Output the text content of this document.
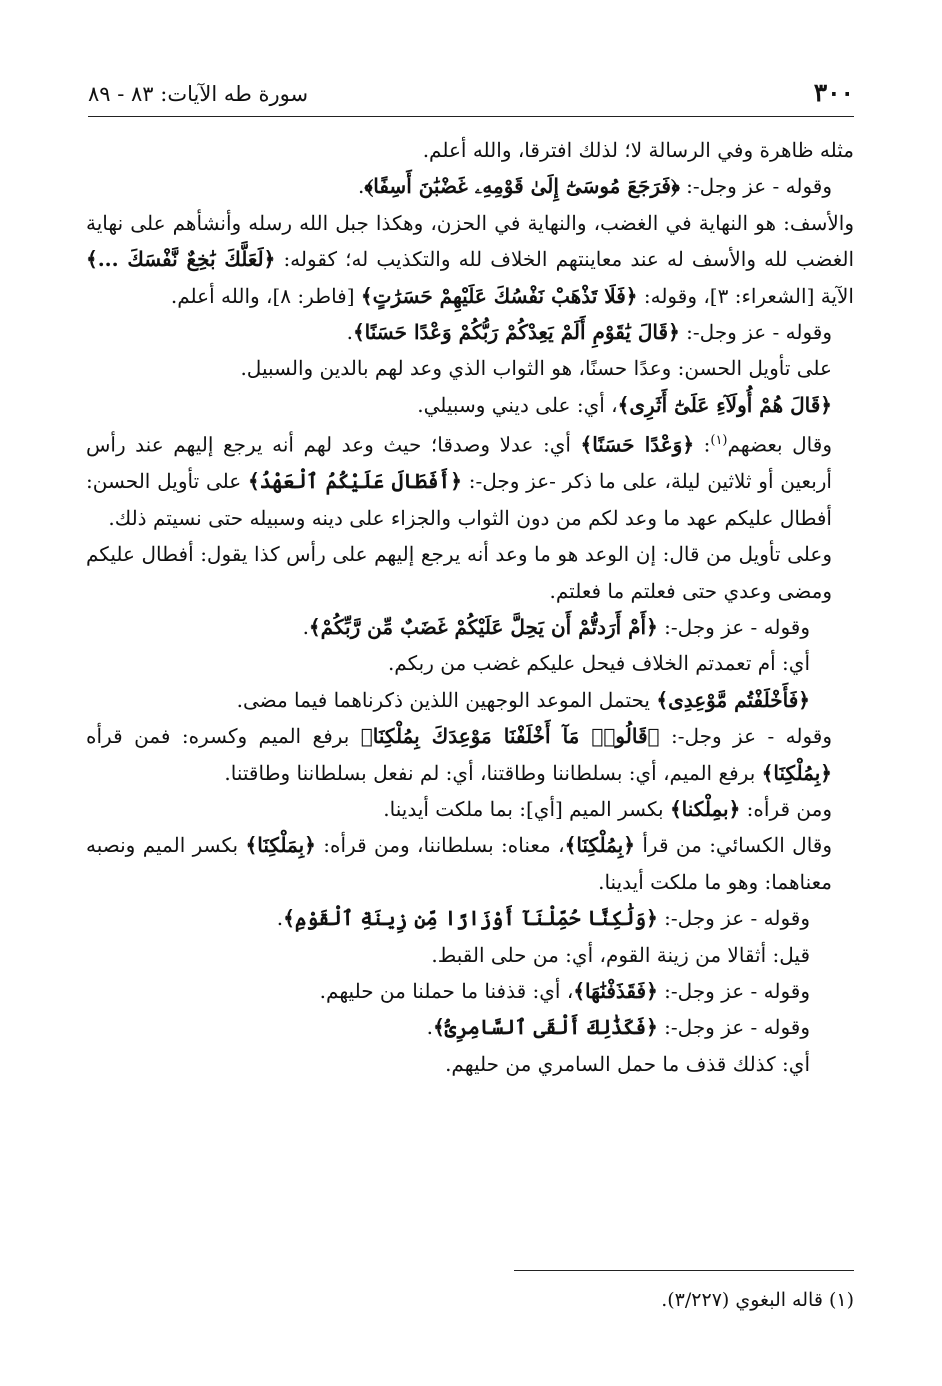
٣٠٠
سورة طه الآيات: ٨٣ - ٨٩

مثله ظاهرة وفي الرسالة لا؛ لذلك افترقا، والله أعلم.

وقوله - عز وجل-: ﴿فَرَجَعَ مُوسَىٰٓ إِلَىٰ قَوْمِهِۦ غَضْبَٰنَ أَسِفًا﴾.

والأسف: هو النهاية في الغضب، والنهاية في الحزن، وهكذا جبل الله رسله وأنشأهم على نهاية الغضب لله والأسف له عند معاينتهم الخلاف لله والتكذيب له؛ كقوله: ﴿لَعَلَّكَ بَٰخِعٌ نَّفْسَكَ ...﴾ الآية [الشعراء: ٣]، وقوله: ﴿فَلَا تَذْهَبْ نَفْسُكَ عَلَيْهِمْ حَسَرَٰتٍ﴾ [فاطر: ٨]، والله أعلم.

وقوله - عز وجل-: ﴿قَالَ يَٰقَوْمِ أَلَمْ يَعِدْكُمْ رَبُّكُمْ وَعْدًا حَسَنًا﴾.

على تأويل الحسن: وعدًا حسنًا، هو الثواب الذي وعد لهم بالدين والسبيل.

﴿قَالَ هُمْ أُولَآءِ عَلَىٰٓ أَثَرِى﴾، أي: على ديني وسبيلي.

وقال بعضهم$^{(١)}$: ﴿وَعْدًا حَسَنًا﴾ أي: عدلا وصدقا؛ حيث وعد لهم أنه يرجع إليهم عند رأس أربعين أو ثلاثين ليلة، على ما ذكر -عز وجل-: ﴿أَفَطَالَ عَلَيْكُمُ ٱلْعَهْدُ﴾ على تأويل الحسن: أفطال عليكم عهد ما وعد لكم من دون الثواب والجزاء على دينه وسبيله حتى نسيتم ذلك.

وعلى تأويل من قال: إن الوعد هو ما وعد أنه يرجع إليهم على رأس كذا يقول: أفطال عليكم ومضى وعدي حتى فعلتم ما فعلتم.

وقوله - عز وجل-: ﴿أَمْ أَرَدتُّمْ أَن يَحِلَّ عَلَيْكُمْ غَضَبٌ مِّن رَّبِّكُمْ﴾.

أي: أم تعمدتم الخلاف فيحل عليكم غضب من ربكم.

﴿فَأَخْلَفْتُم مَّوْعِدِى﴾ يحتمل الموعد الوجهين اللذين ذكرناهما فيما مضى.

وقوله - عز وجل-: ﴿قَالُوا۟ مَآ أَخْلَفْنَا مَوْعِدَكَ بِمُلْكِنَا﴾ برفع الميم وكسره: فمن قرأه ﴿بِمُلْكِنَا﴾ برفع الميم، أي: بسلطاننا وطاقتنا، أي: لم نفعل بسلطاننا وطاقتنا.

ومن قرأه: ﴿بمِلْكنا﴾ بكسر الميم [أي]: بما ملكت أيدينا.

وقال الكسائي: من قرأ ﴿بِمُلْكِنَا﴾، معناه: بسلطاننا، ومن قرأه: ﴿بِمَلْكِنَا﴾ بكسر الميم ونصبه معناهما: وهو ما ملكت أيدينا.

وقوله - عز وجل-: ﴿وَلَٰكِنَّا حُمِّلْنَآ أَوْزَارًا مِّن زِينَةِ ٱلْقَوْمِ﴾.

قيل: أثقالا من زينة القوم، أي: من حلى القبط.

وقوله - عز وجل-: ﴿فَقَذَفْنَٰهَا﴾، أي: قذفنا ما حملنا من حليهم.

وقوله - عز وجل-: ﴿فَكَذَٰلِكَ أَلْقَى ٱلسَّامِرِىُّ﴾.

أي: كذلك قذف ما حمل السامري من حليهم.

(١) قاله البغوي (٣/٢٢٧).
